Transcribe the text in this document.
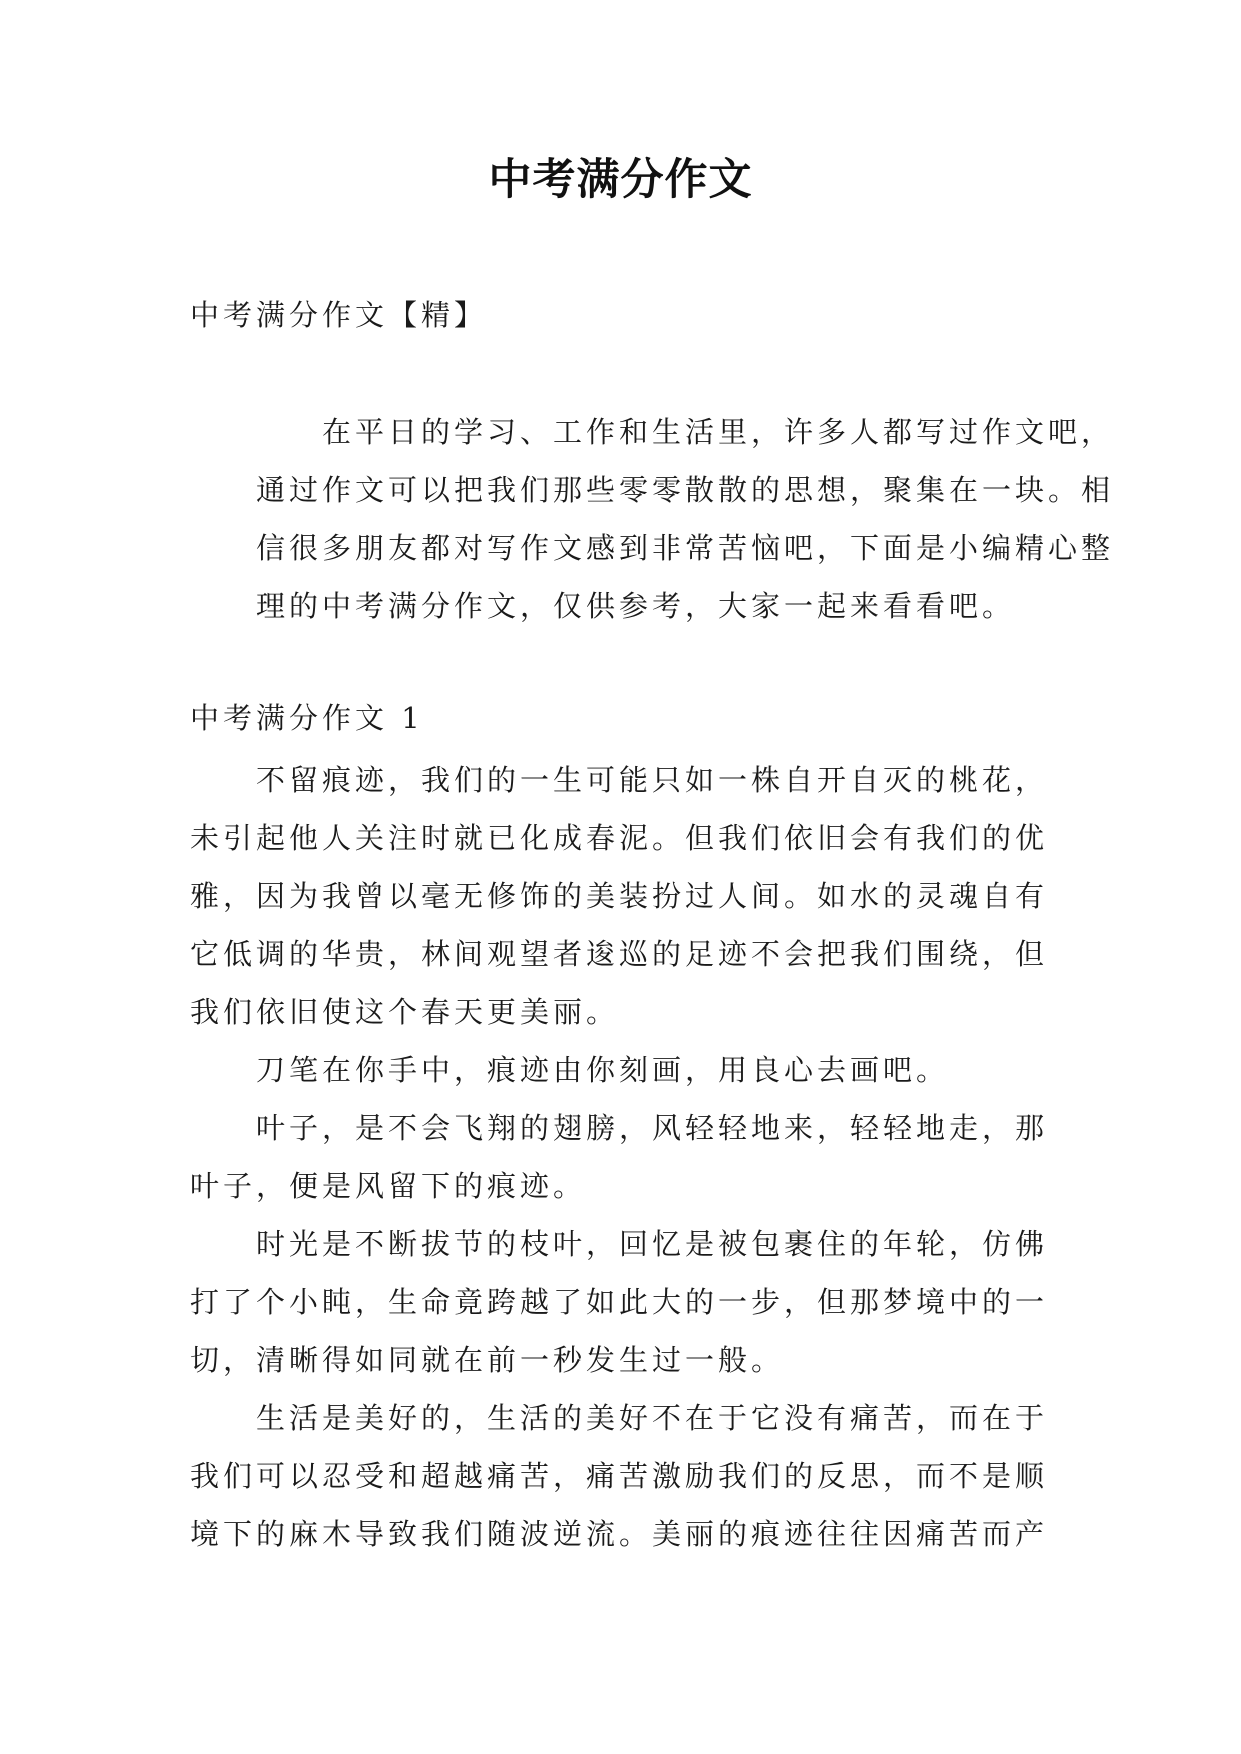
中考满分作文
中考满分作文【精】
在平日的学习、工作和生活里，许多人都写过作文吧，
通过作文可以把我们那些零零散散的思想，聚集在一块。相
信很多朋友都对写作文感到非常苦恼吧，下面是小编精心整
理的中考满分作文，仅供参考，大家一起来看看吧。
中考满分作文 1
不留痕迹，我们的一生可能只如一株自开自灭的桃花，
未引起他人关注时就已化成春泥。但我们依旧会有我们的优
雅，因为我曾以毫无修饰的美装扮过人间。如水的灵魂自有
它低调的华贵，林间观望者逡巡的足迹不会把我们围绕，但
我们依旧使这个春天更美丽。
刀笔在你手中，痕迹由你刻画，用良心去画吧。
叶子，是不会飞翔的翅膀，风轻轻地来，轻轻地走，那
叶子，便是风留下的痕迹。
时光是不断拔节的枝叶，回忆是被包裹住的年轮，仿佛
打了个小盹，生命竟跨越了如此大的一步，但那梦境中的一
切，清晰得如同就在前一秒发生过一般。
生活是美好的，生活的美好不在于它没有痛苦，而在于
我们可以忍受和超越痛苦，痛苦激励我们的反思，而不是顺
境下的麻木导致我们随波逆流。美丽的痕迹往往因痛苦而产
